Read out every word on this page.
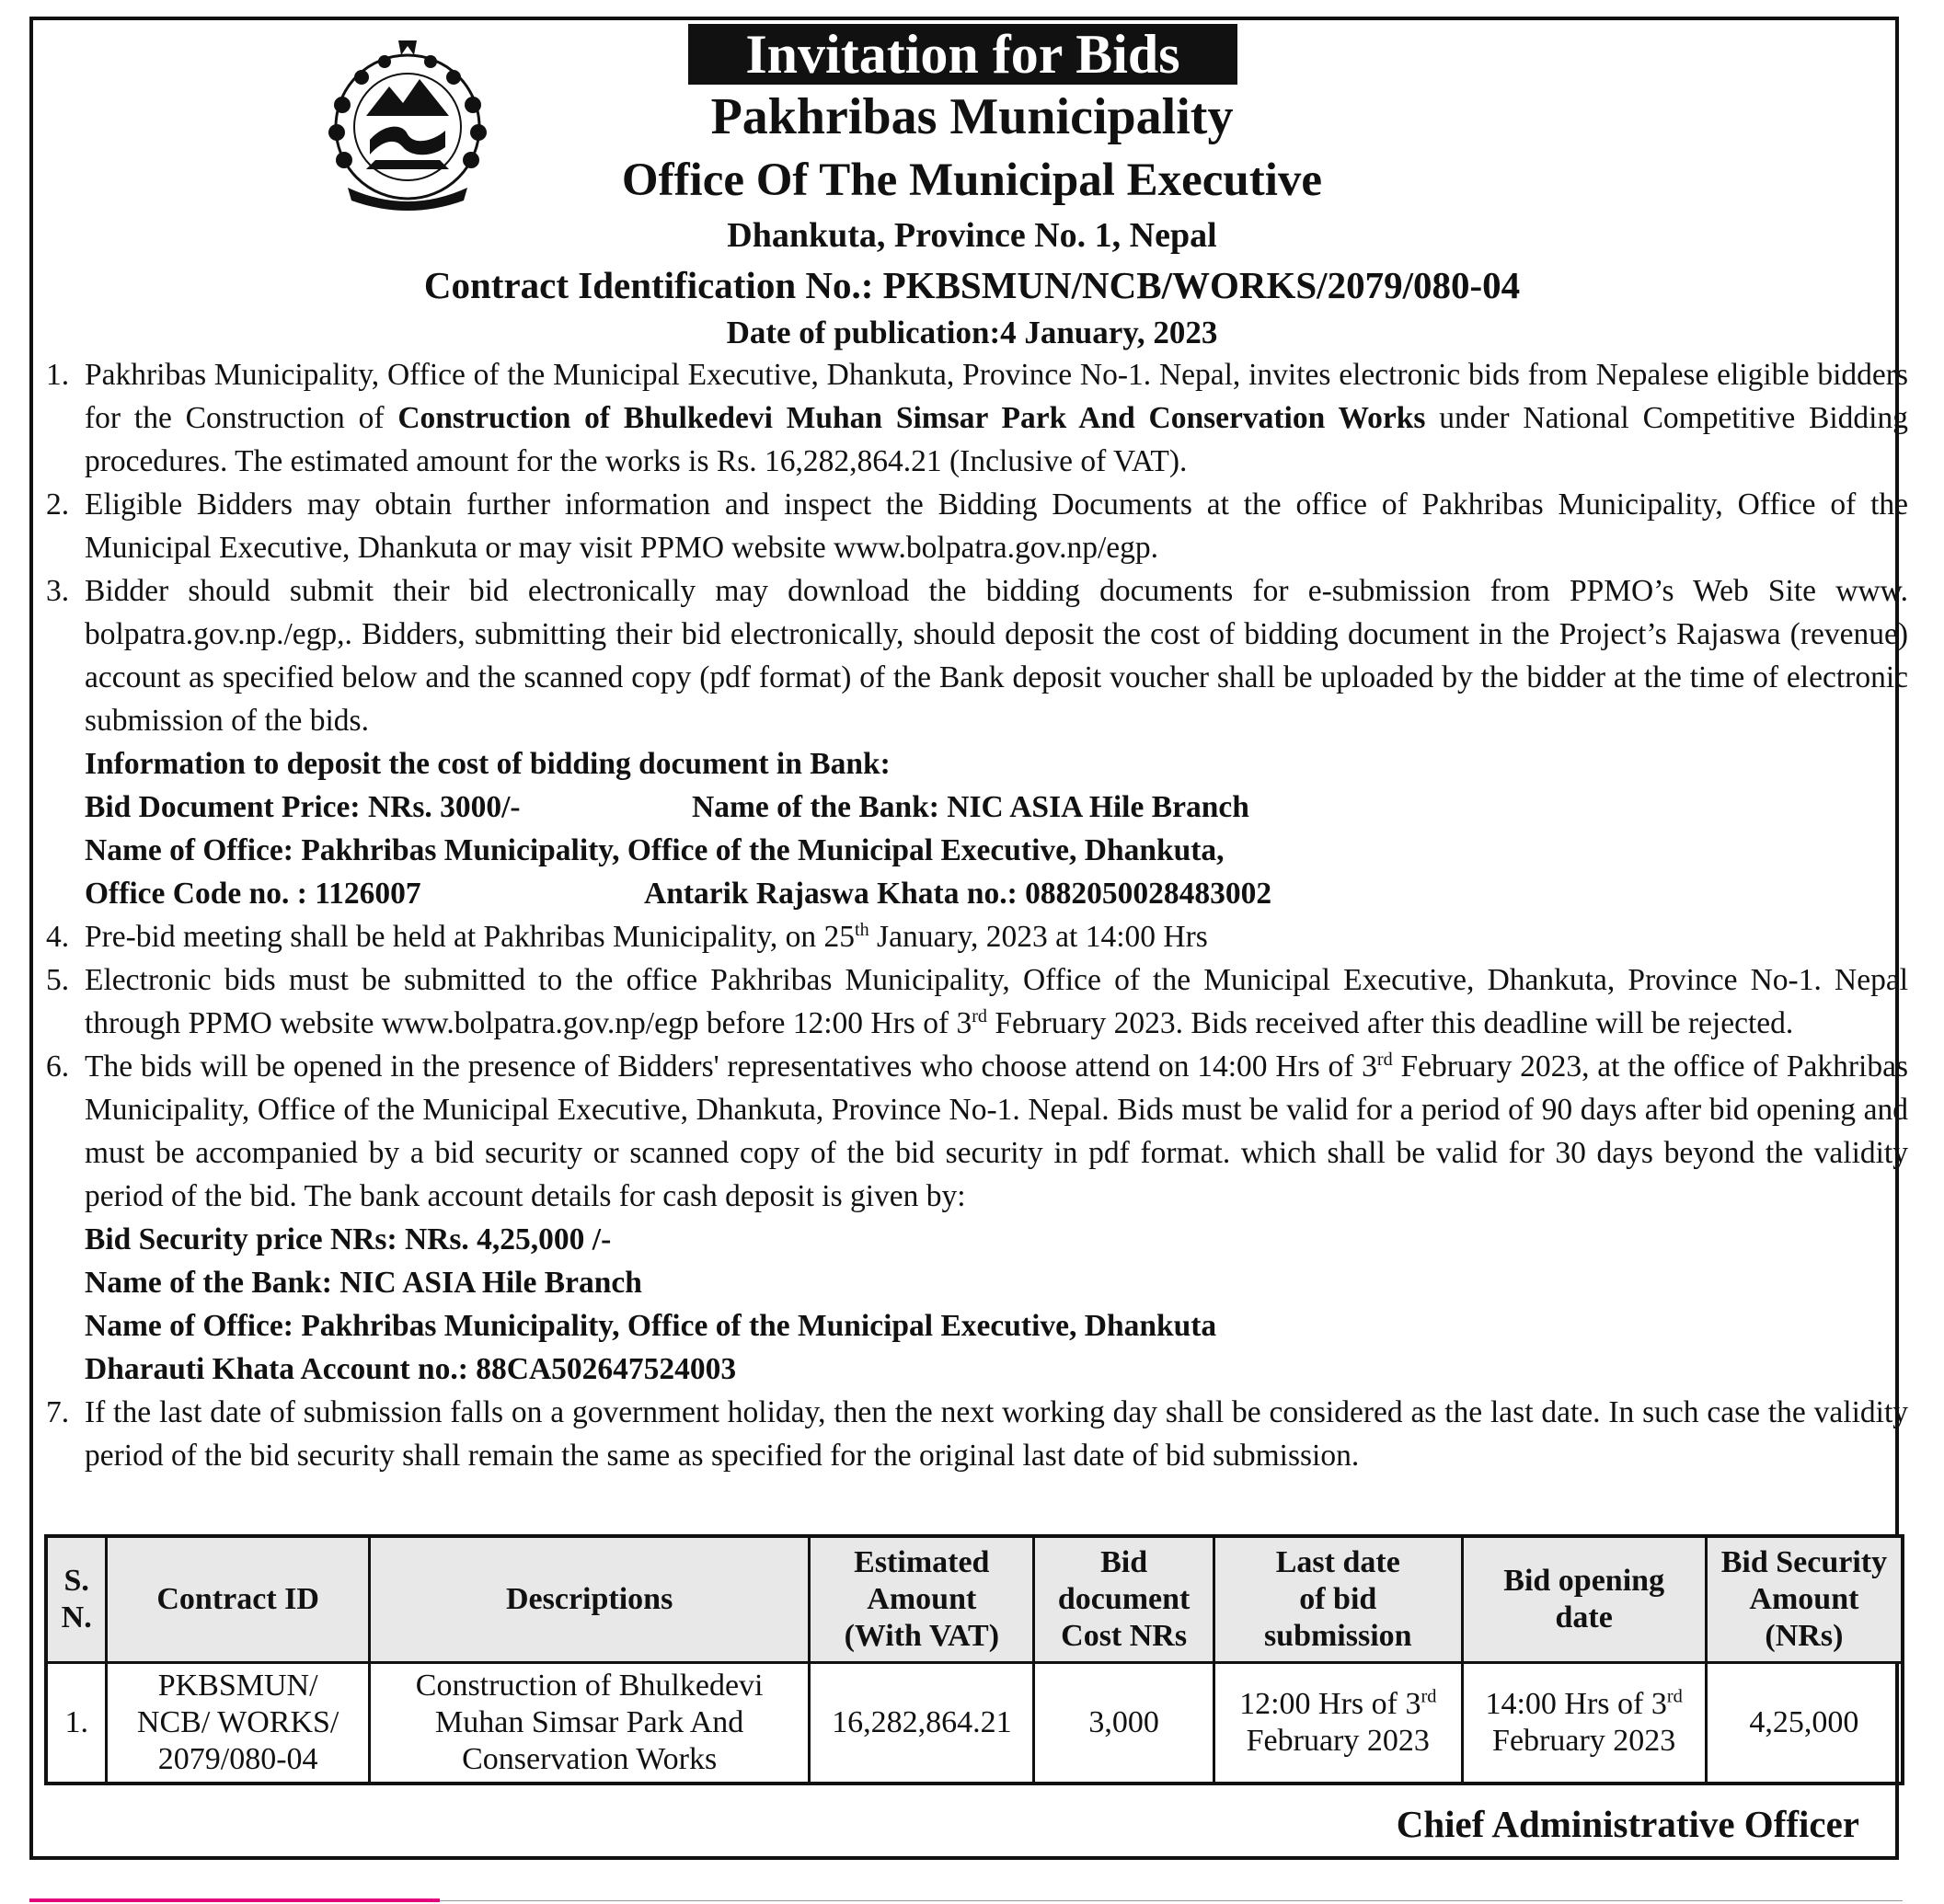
Invitation for Bids
Pakhribas Municipality
Office Of The Municipal Executive
Dhankuta, Province No. 1, Nepal
Contract Identification No.: PKBSMUN/NCB/WORKS/2079/080-04
Date of publication:4 January, 2023
1. Pakhribas Municipality, Office of the Municipal Executive, Dhankuta, Province No-1. Nepal, invites electronic bids from Nepalese eligible bidders for the Construction of Construction of Bhulkedevi Muhan Simsar Park And Conservation Works under National Competitive Bidding procedures. The estimated amount for the works is Rs. 16,282,864.21 (Inclusive of VAT).
2. Eligible Bidders may obtain further information and inspect the Bidding Documents at the office of Pakhribas Municipality, Office of the Municipal Executive, Dhankuta or may visit PPMO website www.bolpatra.gov.np/egp.
3. Bidder should submit their bid electronically may download the bidding documents for e-submission from PPMO’s Web Site www. bolpatra.gov.np./egp,. Bidders, submitting their bid electronically, should deposit the cost of bidding document in the Project’s Rajaswa (revenue) account as specified below and the scanned copy (pdf format) of the Bank deposit voucher shall be uploaded by the bidder at the time of electronic submission of the bids.
Information to deposit the cost of bidding document in Bank:
Bid Document Price: NRs. 3000/-	Name of the Bank: NIC ASIA Hile Branch
Name of Office: Pakhribas Municipality, Office of the Municipal Executive, Dhankuta,
Office Code no. : 1126007	Antarik Rajaswa Khata no.: 0882050028483002
4. Pre-bid meeting shall be held at Pakhribas Municipality, on 25th January, 2023 at 14:00 Hrs
5. Electronic bids must be submitted to the office Pakhribas Municipality, Office of the Municipal Executive, Dhankuta, Province No-1. Nepal through PPMO website www.bolpatra.gov.np/egp before 12:00 Hrs of 3rd February 2023. Bids received after this deadline will be rejected.
6. The bids will be opened in the presence of Bidders' representatives who choose attend on 14:00 Hrs of 3rd February 2023, at the office of Pakhribas Municipality, Office of the Municipal Executive, Dhankuta, Province No-1. Nepal. Bids must be valid for a period of 90 days after bid opening and must be accompanied by a bid security or scanned copy of the bid security in pdf format. which shall be valid for 30 days beyond the validity period of the bid. The bank account details for cash deposit is given by:
Bid Security price NRs: NRs. 4,25,000 /-
Name of the Bank: NIC ASIA Hile Branch
Name of Office: Pakhribas Municipality, Office of the Municipal Executive, Dhankuta
Dharauti Khata Account no.: 88CA502647524003
7. If the last date of submission falls on a government holiday, then the next working day shall be considered as the last date. In such case the validity period of the bid security shall remain the same as specified for the original last date of bid submission.
S.
N.	Contract ID	Descriptions	Estimated
Amount
(With VAT)	Bid
document
Cost NRs	Last date
of bid
submission	Bid opening
date	Bid Security
Amount
(NRs)
1.	PKBSMUN/
NCB/ WORKS/
2079/080-04	Construction of Bhulkedevi
Muhan Simsar Park And
Conservation Works	16,282,864.21	3,000	12:00 Hrs of 3rd
February 2023	14:00 Hrs of 3rd
February 2023	4,25,000
Chief Administrative Officer
